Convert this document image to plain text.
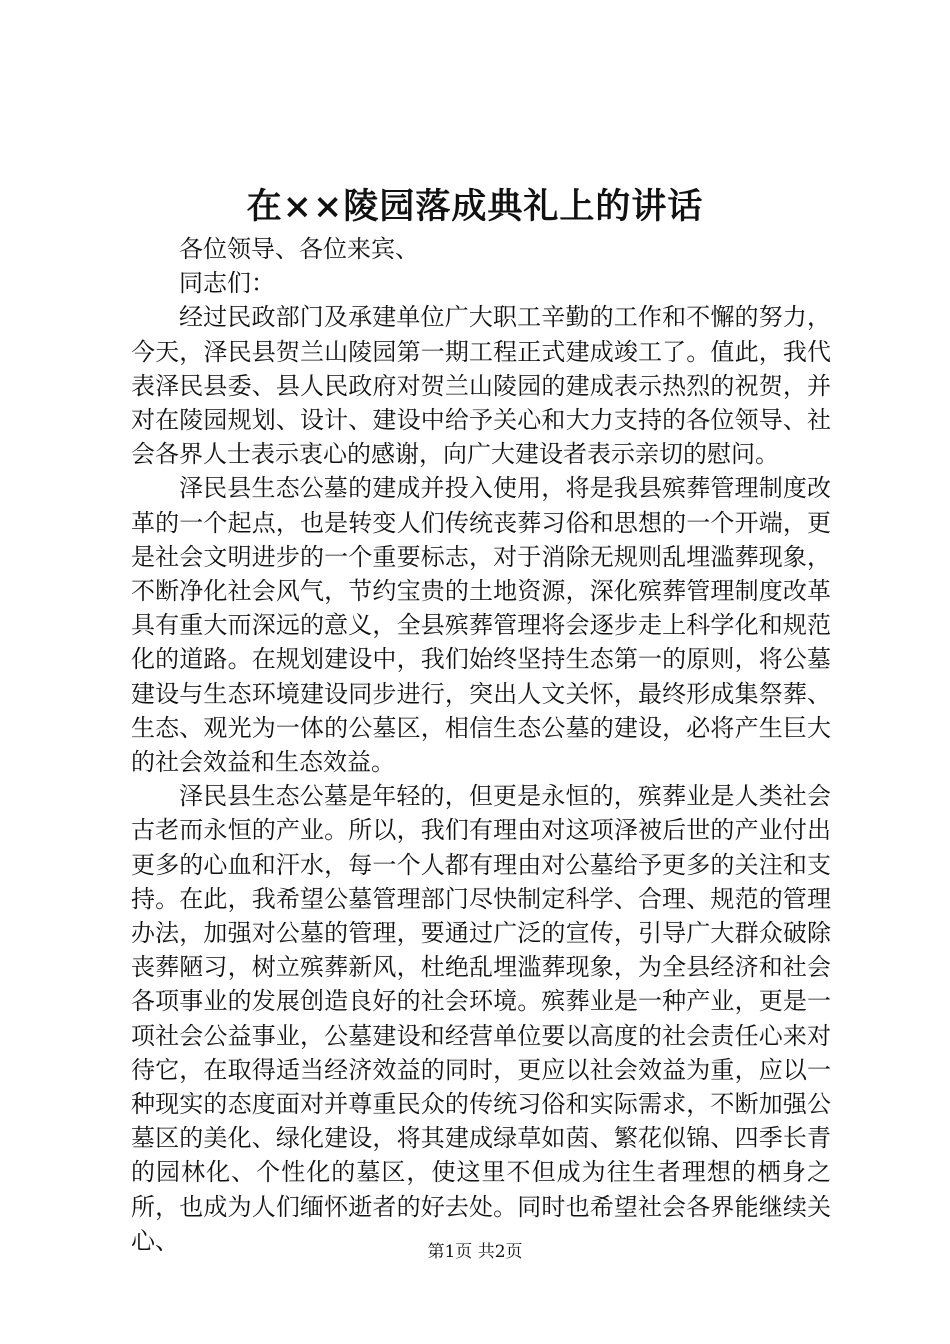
在××陵园落成典礼上的讲话

各位领导、各位来宾、

同志们：

经过民政部门及承建单位广大职工辛勤的工作和不懈的努力，今天，泽民县贺兰山陵园第一期工程正式建成竣工了。值此，我代表泽民县委、县人民政府对贺兰山陵园的建成表示热烈的祝贺，并对在陵园规划、设计、建设中给予关心和大力支持的各位领导、社会各界人士表示衷心的感谢，向广大建设者表示亲切的慰问。

泽民县生态公墓的建成并投入使用，将是我县殡葬管理制度改革的一个起点，也是转变人们传统丧葬习俗和思想的一个开端，更是社会文明进步的一个重要标志，对于消除无规则乱埋滥葬现象，不断净化社会风气，节约宝贵的土地资源，深化殡葬管理制度改革具有重大而深远的意义，全县殡葬管理将会逐步走上科学化和规范化的道路。在规划建设中，我们始终坚持生态第一的原则，将公墓建设与生态环境建设同步进行，突出人文关怀，最终形成集祭葬、生态、观光为一体的公墓区，相信生态公墓的建设，必将产生巨大的社会效益和生态效益。

泽民县生态公墓是年轻的，但更是永恒的，殡葬业是人类社会古老而永恒的产业。所以，我们有理由对这项泽被后世的产业付出更多的心血和汗水，每一个人都有理由对公墓给予更多的关注和支持。在此，我希望公墓管理部门尽快制定科学、合理、规范的管理办法，加强对公墓的管理，要通过广泛的宣传，引导广大群众破除丧葬陋习，树立殡葬新风，杜绝乱埋滥葬现象，为全县经济和社会各项事业的发展创造良好的社会环境。殡葬业是一种产业，更是一项社会公益事业，公墓建设和经营单位要以高度的社会责任心来对待它，在取得适当经济效益的同时，更应以社会效益为重，应以一种现实的态度面对并尊重民众的传统习俗和实际需求，不断加强公墓区的美化、绿化建设，将其建成绿草如茵、繁花似锦、四季长青的园林化、个性化的墓区，使这里不但成为往生者理想的栖身之所，也成为人们缅怀逝者的好去处。同时也希望社会各界能继续关心、	第1页 共2页
